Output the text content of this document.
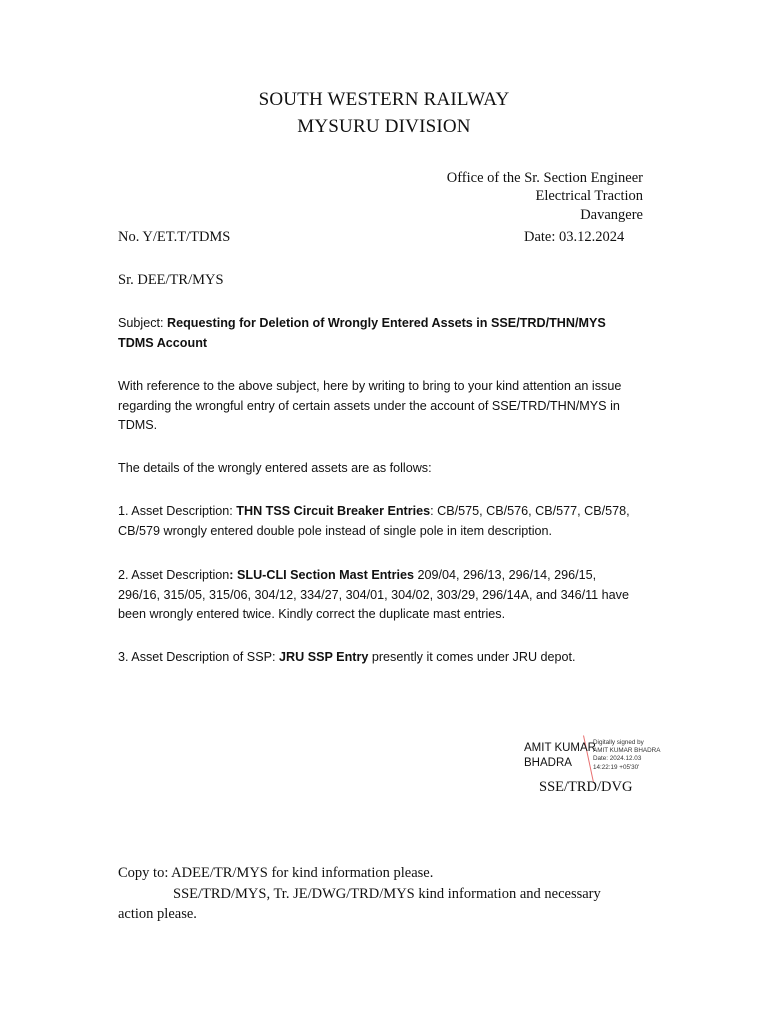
SOUTH WESTERN RAILWAY
MYSURU DIVISION
Office of the Sr. Section Engineer
Electrical Traction
Davangere
No. Y/ET.T/TDMS	Date: 03.12.2024
Sr. DEE/TR/MYS
Subject: Requesting for Deletion of Wrongly Entered Assets in SSE/TRD/THN/MYS TDMS Account
With reference to the above subject, here by writing to bring to your kind attention an issue regarding the wrongful entry of certain assets under the account of SSE/TRD/THN/MYS in TDMS.
The details of the wrongly entered assets are as follows:
1. Asset Description: THN TSS Circuit Breaker Entries: CB/575, CB/576, CB/577, CB/578, CB/579 wrongly entered double pole instead of single pole in item description.
2. Asset Description: SLU-CLI Section Mast Entries 209/04, 296/13, 296/14, 296/15, 296/16, 315/05, 315/06, 304/12, 334/27, 304/01, 304/02, 303/29, 296/14A, and 346/11 have been wrongly entered twice. Kindly correct the duplicate mast entries.
3. Asset Description of SSP: JRU SSP Entry presently it comes under JRU depot.
AMIT KUMAR
BHADRA
Digitally signed by
AMIT KUMAR BHADRA
Date: 2024.12.03
14:22:19 +05'30'
SSE/TRD/DVG
Copy to: ADEE/TR/MYS for kind information please.
SSE/TRD/MYS, Tr. JE/DWG/TRD/MYS kind information and necessary
action please.
